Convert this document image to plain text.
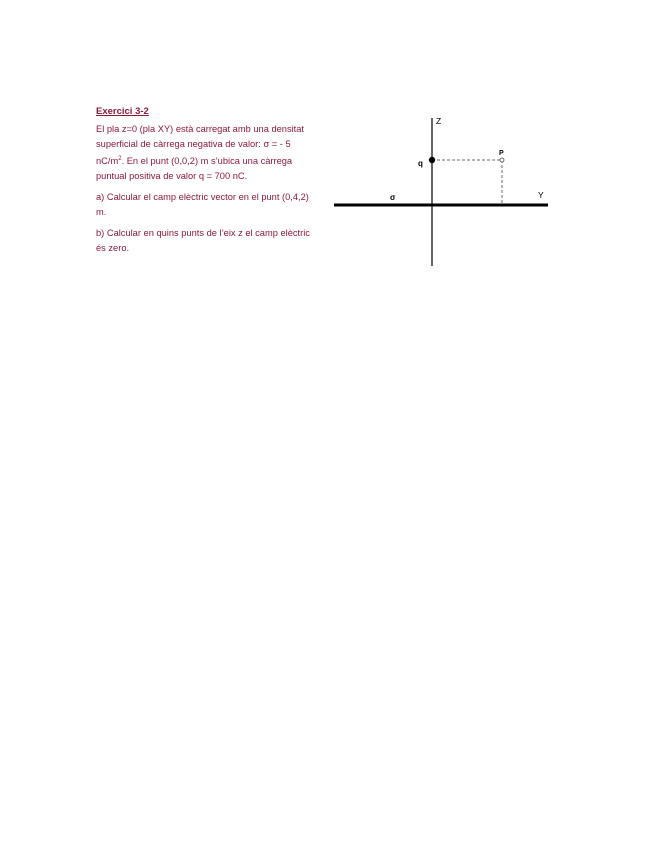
Exercici 3-2

El pla z=0 (pla XY) està carregat amb una densitat superficial de càrrega negativa de valor: σ = - 5 $nC/m^2$. En el punt (0,0,2) m s’ubica una càrrega puntual positiva de valor q = 700 nC.

a) Calcular el camp elèctric vector en el punt (0,4,2) m.

b) Calcular en quins punts de l’eix z el camp elèctric és zero.

Z
q
P
σ	Y
